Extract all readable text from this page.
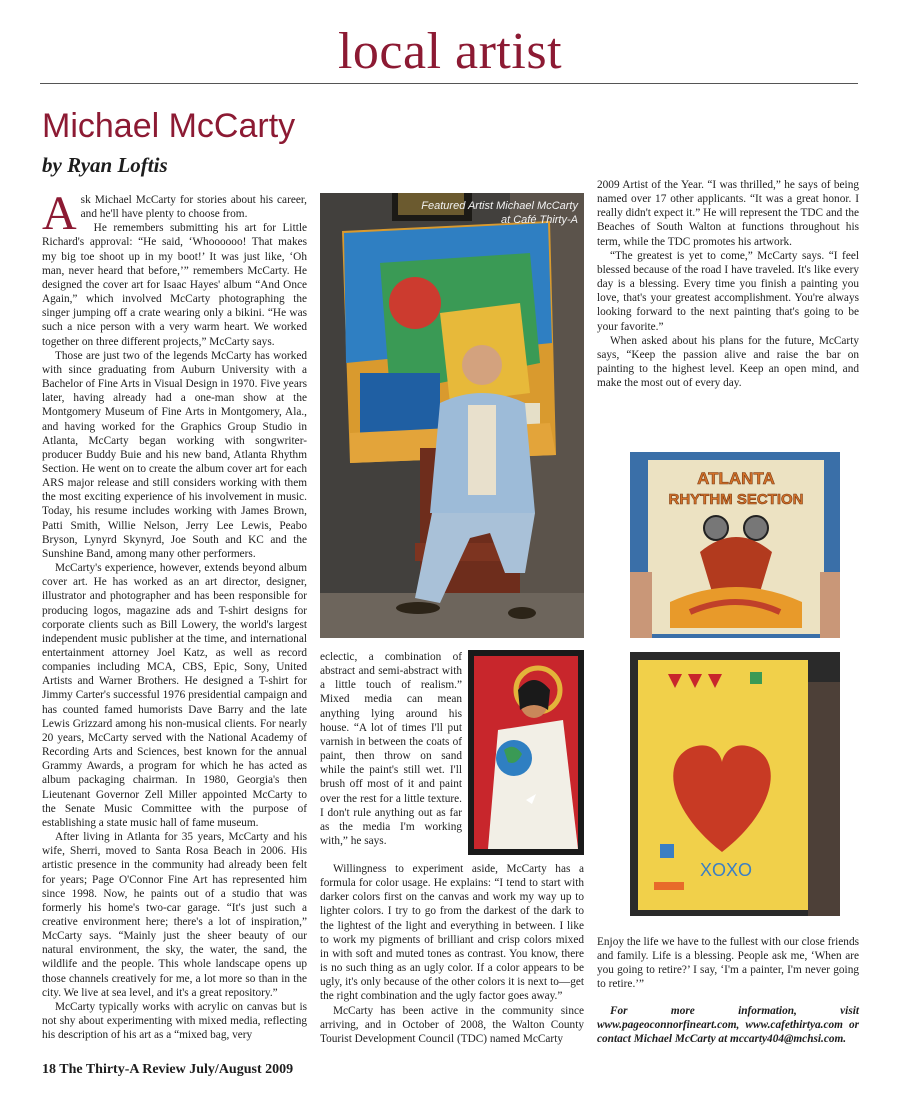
local artist
Michael McCarty
by Ryan Loftis

Ask Michael McCarty for stories about his career, and he'll have plenty to choose from.

He remembers submitting his art for Little Richard's approval: “He said, ‘Whoooooo! That makes my big toe shoot up in my boot!’ It was just like, ‘Oh man, never heard that before,’” remembers McCarty. He designed the cover art for Isaac Hayes' album “And Once Again,” which involved McCarty photographing the singer jumping off a crate wearing only a bikini. “He was such a nice person with a very warm heart. We worked together on three different projects,” McCarty says.

Those are just two of the legends McCarty has worked with since graduating from Auburn University with a Bachelor of Fine Arts in Visual Design in 1970. Five years later, having already had a one-man show at the Montgomery Museum of Fine Arts in Montgomery, Ala., and having worked for the Graphics Group Studio in Atlanta, McCarty began working with songwriter-producer Buddy Buie and his new band, Atlanta Rhythm Section. He went on to create the album cover art for each ARS major release and still considers working with them the most exciting experience of his involvement in music. Today, his resume includes working with James Brown, Patti Smith, Willie Nelson, Jerry Lee Lewis, Peabo Bryson, Lynyrd Skynyrd, Joe South and KC and the Sunshine Band, among many other performers.

McCarty's experience, however, extends beyond album cover art. He has worked as an art director, designer, illustrator and photographer and has been responsible for producing logos, magazine ads and T-shirt designs for corporate clients such as Bill Lowery, the world's largest independent music publisher at the time, and international entertainment attorney Joel Katz, as well as record companies including MCA, CBS, Epic, Sony, United Artists and Warner Brothers. He designed a T-shirt for Jimmy Carter's successful 1976 presidential campaign and has counted famed humorists Dave Barry and the late Lewis Grizzard among his non-musical clients. For nearly 20 years, McCarty served with the National Academy of Recording Arts and Sciences, best known for the annual Grammy Awards, a program for which he has acted as album packaging chairman. In 1980, Georgia's then Lieutenant Governor Zell Miller appointed McCarty to the Senate Music Committee with the purpose of establishing a state music hall of fame museum.

After living in Atlanta for 35 years, McCarty and his wife, Sherri, moved to Santa Rosa Beach in 2006. His artistic presence in the community had already been felt for years; Page O'Connor Fine Art has represented him since 1998. Now, he paints out of a studio that was formerly his home's two-car garage. “It's just such a creative environment here; there's a lot of inspiration,” McCarty says. “Mainly just the sheer beauty of our natural environment, the sky, the water, the sand, the wildlife and the people. This whole landscape opens up those channels creatively for me, a lot more so than in the city. We live at sea level, and it's a great repository.”

McCarty typically works with acrylic on canvas but is not shy about experimenting with mixed media, reflecting his description of his art as a “mixed bag, very

Featured Artist Michael McCarty
at Café Thirty-A

eclectic, a combination of abstract and semi-abstract with a little touch of realism.” Mixed media can mean anything lying around his house. “A lot of times I'll put varnish in between the coats of paint, then throw on sand while the paint's still wet. I'll brush off most of it and paint over the rest for a little texture. I don't rule anything out as far as the media I'm working with,” he says.

Willingness to experiment aside, McCarty has a formula for color usage. He explains: “I tend to start with darker colors first on the canvas and work my way up to lighter colors. I try to go from the darkest of the dark to the lightest of the light and everything in between. I like to work my pigments of brilliant and crisp colors mixed in with soft and muted tones as contrast. You know, there is no such thing as an ugly color. If a color appears to be ugly, it's only because of the other colors it is next to—get the right combination and the ugly factor goes away.”

McCarty has been active in the community since arriving, and in October of 2008, the Walton County Tourist Development Council (TDC) named McCarty

2009 Artist of the Year. “I was thrilled,” he says of being named over 17 other applicants. “It was a great honor. I really didn't expect it.” He will represent the TDC and the Beaches of South Walton at functions throughout his term, while the TDC promotes his artwork.

“The greatest is yet to come,” McCarty says. “I feel blessed because of the road I have traveled. It's like every day is a blessing. Every time you finish a painting you love, that's your greatest accomplishment. You're always looking forward to the next painting that's going to be your favorite.”

When asked about his plans for the future, McCarty says, “Keep the passion alive and raise the bar on painting to the highest level. Keep an open mind, and make the most out of every day.

ATLANTA
RHYTHM SECTION
XOXO

Enjoy the life we have to the fullest with our close friends and family. Life is a blessing. People ask me, ‘When are you going to retire?’ I say, ‘I'm a painter, I'm never going to retire.’”

For more information, visit www.pageoconnorfineart.com, www.cafethirtya.com or contact Michael McCarty at mccarty404@mchsi.com.

18 The Thirty-A Review July/August 2009
